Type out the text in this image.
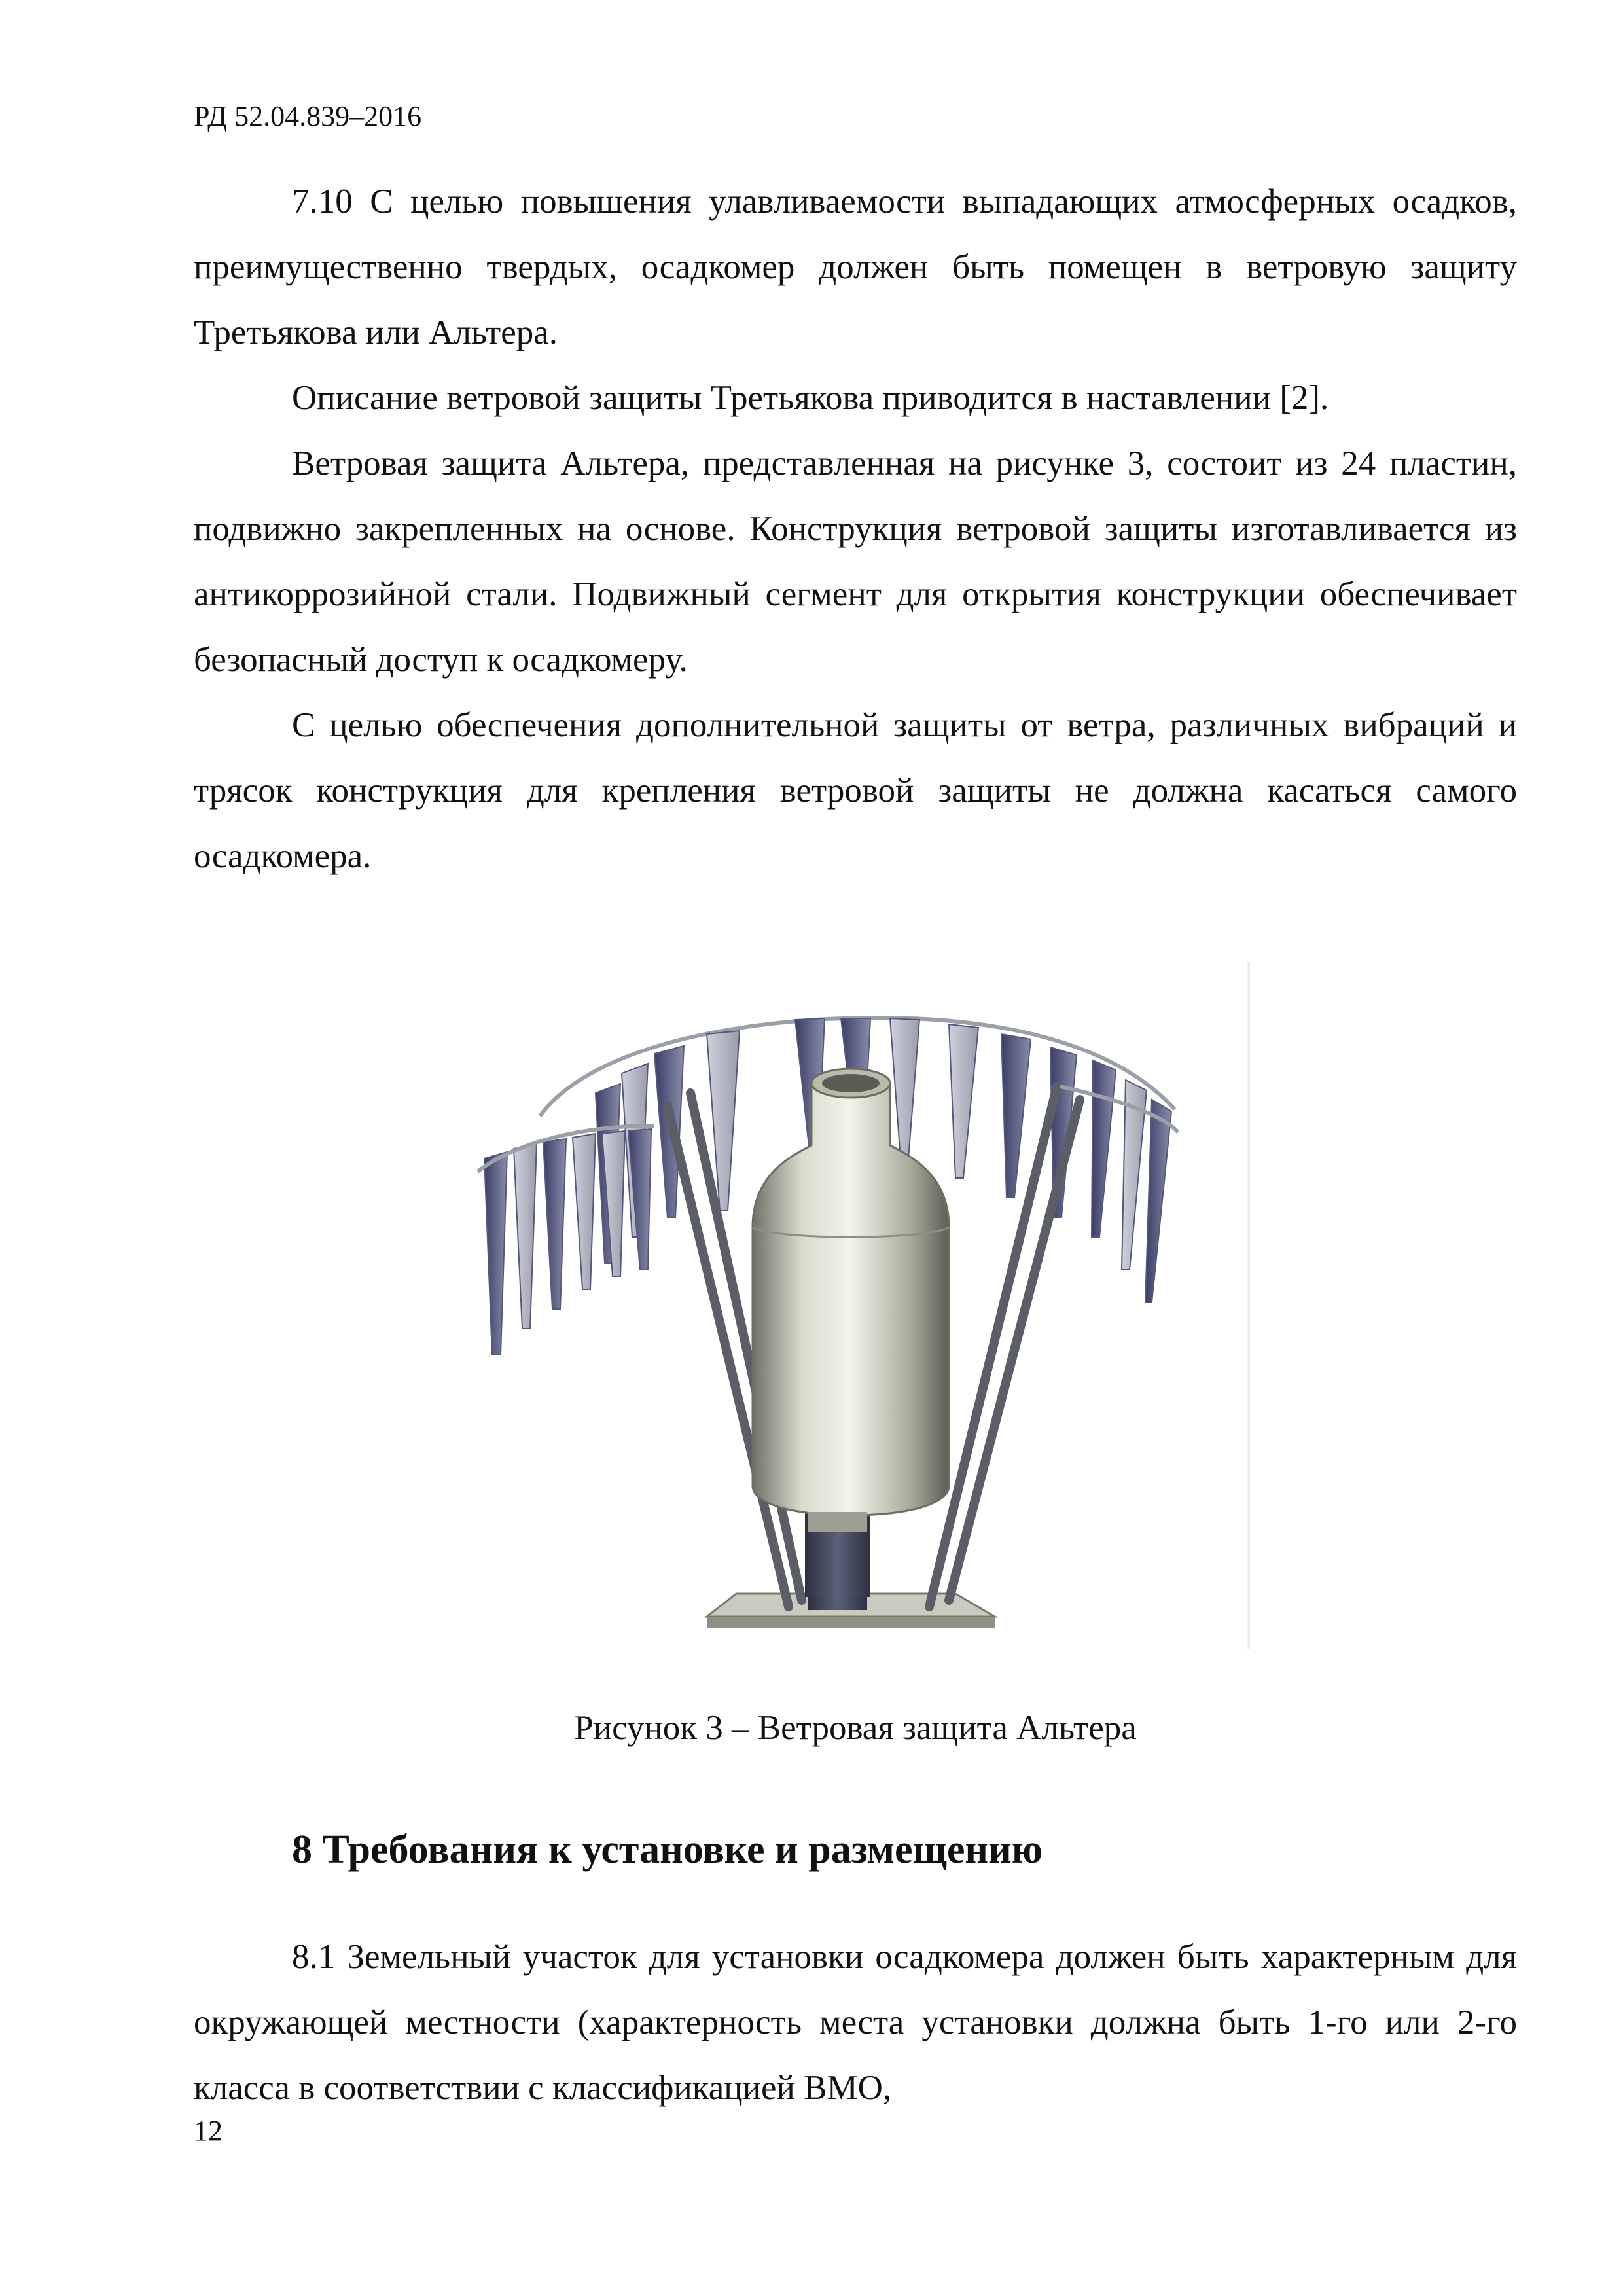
РД 52.04.839–2016

7.10 С целью повышения улавливаемости выпадающих атмосферных осадков, преимущественно твердых, осадкомер должен быть помещен в ветровую защиту Третьякова или Альтера.

Описание ветровой защиты Третьякова приводится в наставлении [2].

Ветровая защита Альтера, представленная на рисунке 3, состоит из 24 пластин, подвижно закрепленных на основе. Конструкция ветровой защиты изготавливается из антикоррозийной стали. Подвижный сегмент для открытия конструкции обеспечивает безопасный доступ к осадкомеру.

С целью обеспечения дополнительной защиты от ветра, различных вибраций и трясок конструкция для крепления ветровой защиты не должна касаться самого осадкомера.

Рисунок 3 – Ветровая защита Альтера
8 Требования к установке и размещению

8.1 Земельный участок для установки осадкомера должен быть характерным для окружающей местности (характерность места установки должна быть 1-го или 2-го класса в соответствии с классификацией ВМО,

12
